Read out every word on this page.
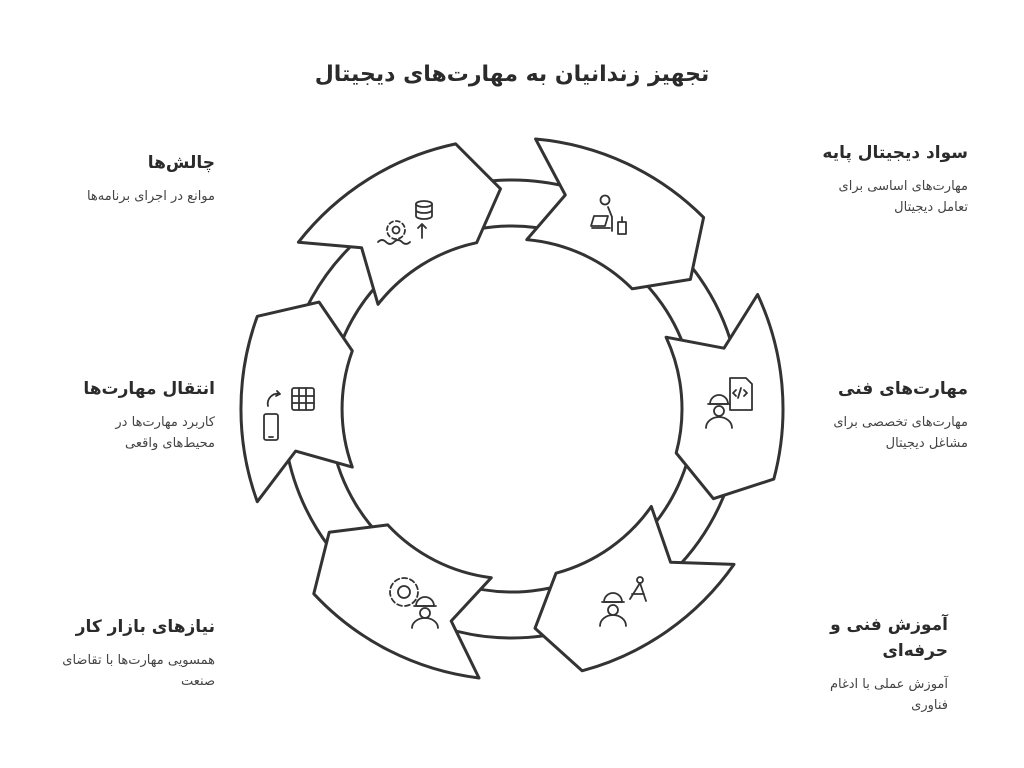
تجهیز زندانیان به مهارت‌های دیجیتال
سواد دیجیتال پایه
مهارت‌های اساسی برای تعامل دیجیتال
مهارت‌های فنی
مهارت‌های تخصصی برای مشاغل دیجیتال
آموزش فنی و حرفه‌ای
آموزش عملی با ادغام فناوری
نیازهای بازار کار
همسویی مهارت‌ها با تقاضای صنعت
انتقال مهارت‌ها
کاربرد مهارت‌ها در محیط‌های واقعی
چالش‌ها
موانع در اجرای برنامه‌ها
